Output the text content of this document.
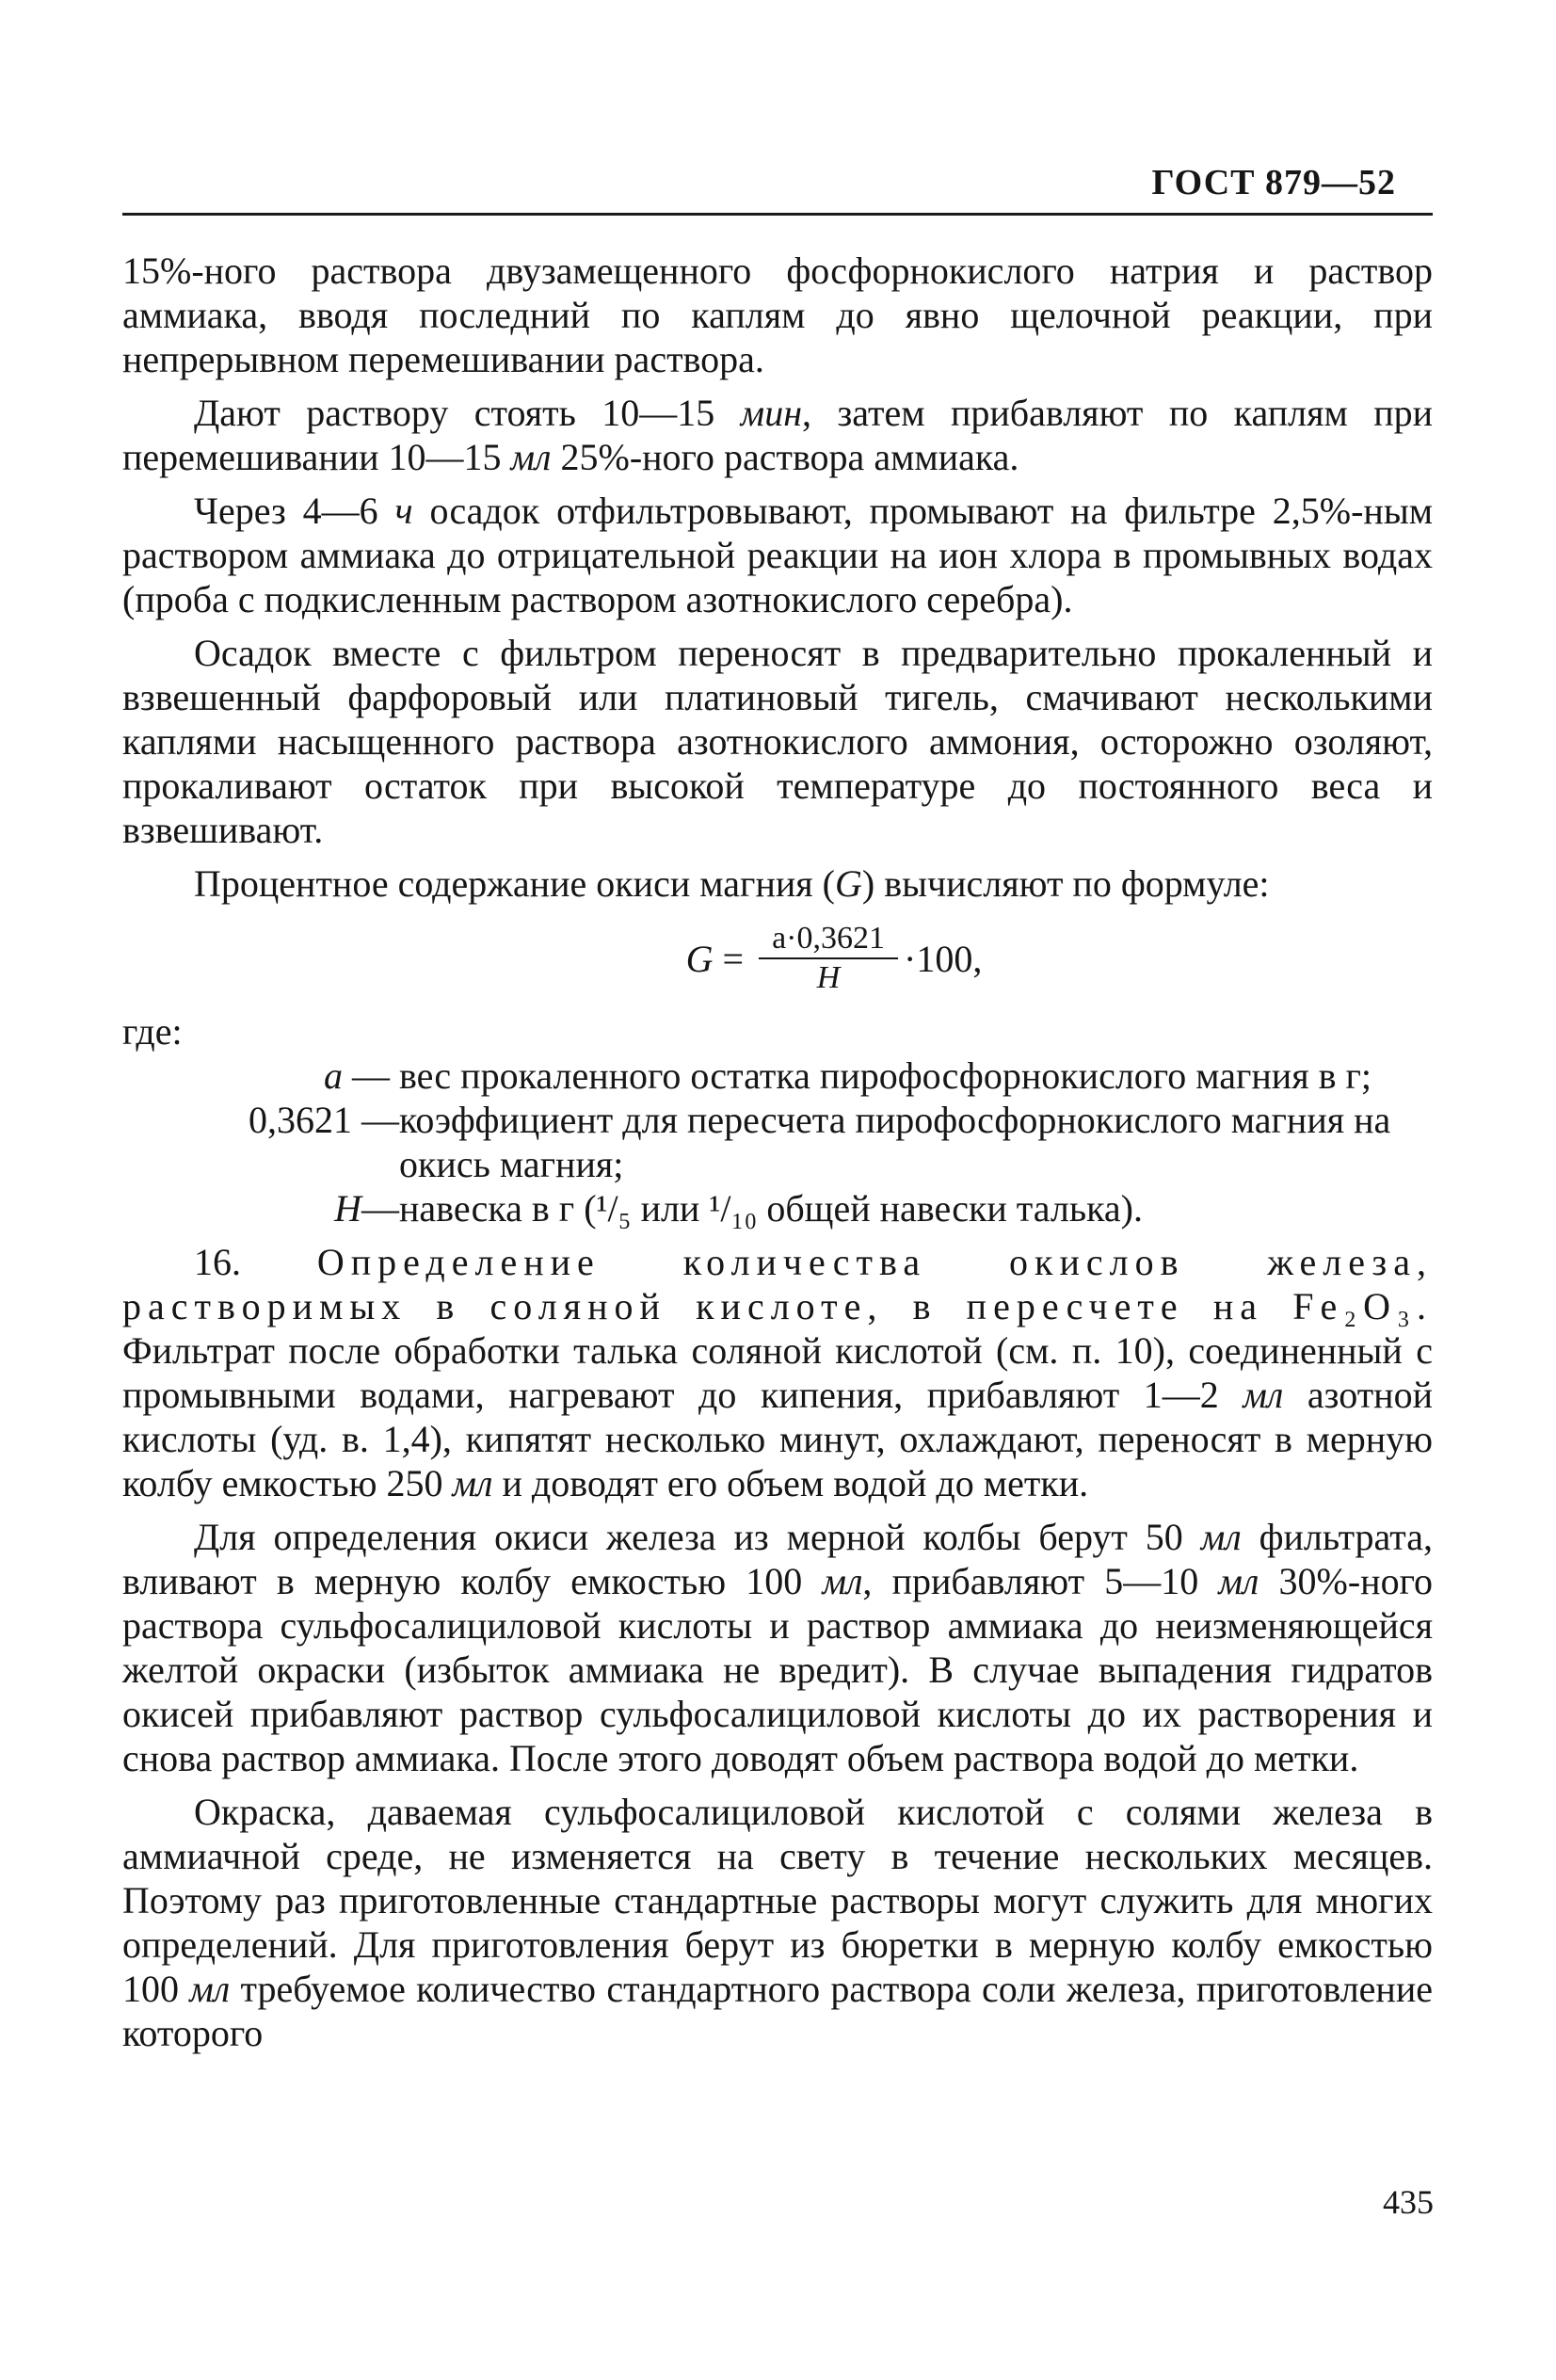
ГОСТ 879—52

15%-ного раствора двузамещенного фосфорнокислого натрия и раствор аммиака, вводя последний по каплям до явно щелочной реакции, при непрерывном перемешивании раствора.

Дают раствору стоять 10—15 мин, затем прибавляют по каплям при перемешивании 10—15 мл 25%-ного раствора аммиака.

Через 4—6 ч осадок отфильтровывают, промывают на фильтре 2,5%-ным раствором аммиака до отрицательной реакции на ион хлора в промывных водах (проба с подкисленным раствором азотнокислого серебра).

Осадок вместе с фильтром переносят в предварительно прокаленный и взвешенный фарфоровый или платиновый тигель, смачивают несколькими каплями насыщенного раствора азотнокислого аммония, осторожно озоляют, прокаливают остаток при высокой температуре до постоянного веса и взвешивают.

Процентное содержание окиси магния (G) вычисляют по формуле:

$G = \frac{a\cdot 0,3621}{H} \cdot 100$,

где:

a — вес прокаленного остатка пирофосфорнокислого магния в г;
0,3621 — коэффициент для пересчета пирофосфорнокислого магния на окись магния;
H— навеска в г (¹/₅ или ¹/₁₀ общей навески талька).

16. Определение количества окислов железа, растворимых в соляной кислоте, в пересчете на Fe₂O₃. Фильтрат после обработки талька соляной кислотой (см. п. 10), соединенный с промывными водами, нагревают до кипения, прибавляют 1—2 мл азотной кислоты (уд. в. 1,4), кипятят несколько минут, охлаждают, переносят в мерную колбу емкостью 250 мл и доводят его объем водой до метки.

Для определения окиси железа из мерной колбы берут 50 мл фильтрата, вливают в мерную колбу емкостью 100 мл, прибавляют 5—10 мл 30%-ного раствора сульфосалициловой кислоты и раствор аммиака до неизменяющейся желтой окраски (избыток аммиака не вредит). В случае выпадения гидратов окисей прибавляют раствор сульфосалициловой кислоты до их растворения и снова раствор аммиака. После этого доводят объем раствора водой до метки.

Окраска, даваемая сульфосалициловой кислотой с солями железа в аммиачной среде, не изменяется на свету в течение нескольких месяцев. Поэтому раз приготовленные стандартные растворы могут служить для многих определений. Для приготовления берут из бюретки в мерную колбу емкостью 100 мл требуемое количество стандартного раствора соли железа, приготовление которого

435
